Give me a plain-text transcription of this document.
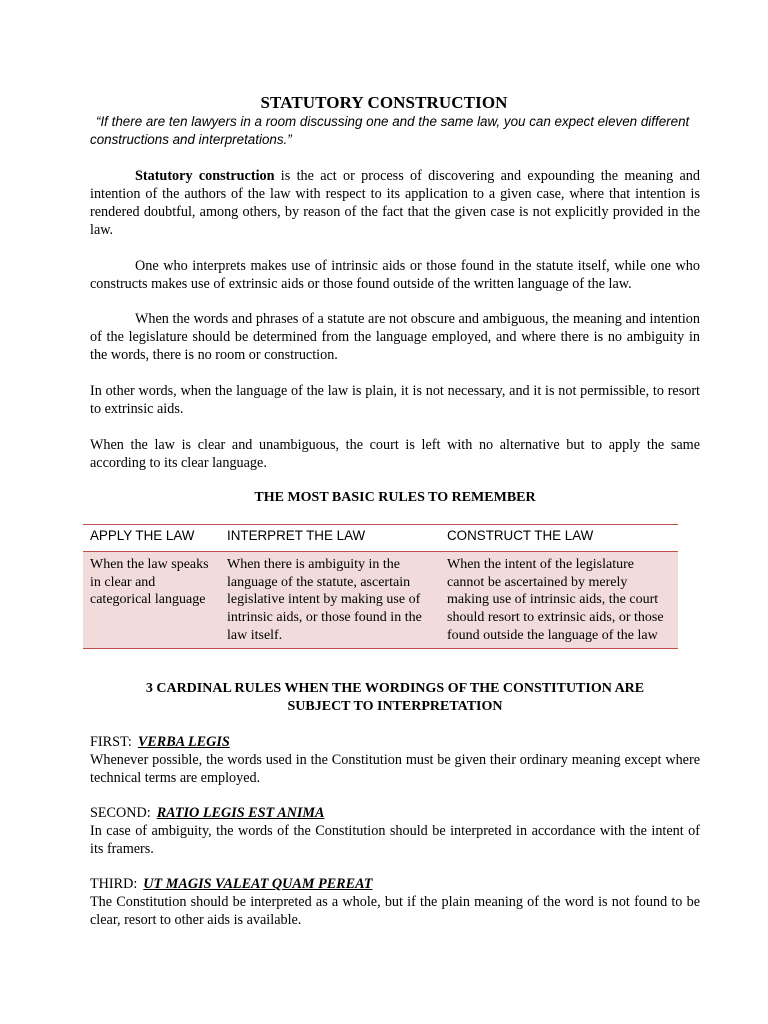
STATUTORY CONSTRUCTION
“If there are ten lawyers in a room discussing one and the same law, you can expect eleven different
constructions and interpretations.”
Statutory construction is the act or process of discovering and expounding the meaning and intention of the authors of the law with respect to its application to a given case, where that intention is rendered doubtful, among others, by reason of the fact that the given case is not explicitly provided in the law.
One who interprets makes use of intrinsic aids or those found in the statute itself, while one who constructs makes use of extrinsic aids or those found outside of the written language of the law.
When the words and phrases of a statute are not obscure and ambiguous, the meaning and intention of the legislature should be determined from the language employed, and where there is no ambiguity in the words, there is no room or construction.
In other words, when the language of the law is plain, it is not necessary, and it is not permissible, to resort to extrinsic aids.
When the law is clear and unambiguous, the court is left with no alternative but to apply the same according to its clear language.
THE MOST BASIC RULES TO REMEMBER
APPLY THE LAW	INTERPRET THE LAW	CONSTRUCT THE LAW
When the law speaks in clear and categorical language	When there is ambiguity in the language of the statute, ascertain legislative intent by making use of intrinsic aids, or those found in the law itself.	When the intent of the legislature cannot be ascertained by merely making use of intrinsic aids, the court should resort to extrinsic aids, or those found outside the language of the law
3 CARDINAL RULES WHEN THE WORDINGS OF THE CONSTITUTION ARE
SUBJECT TO INTERPRETATION
FIRST: VERBA LEGIS
Whenever possible, the words used in the Constitution must be given their ordinary meaning except where technical terms are employed.
SECOND: RATIO LEGIS EST ANIMA
In case of ambiguity, the words of the Constitution should be interpreted in accordance with the intent of its framers.
THIRD: UT MAGIS VALEAT QUAM PEREAT
The Constitution should be interpreted as a whole, but if the plain meaning of the word is not found to be clear, resort to other aids is available.
